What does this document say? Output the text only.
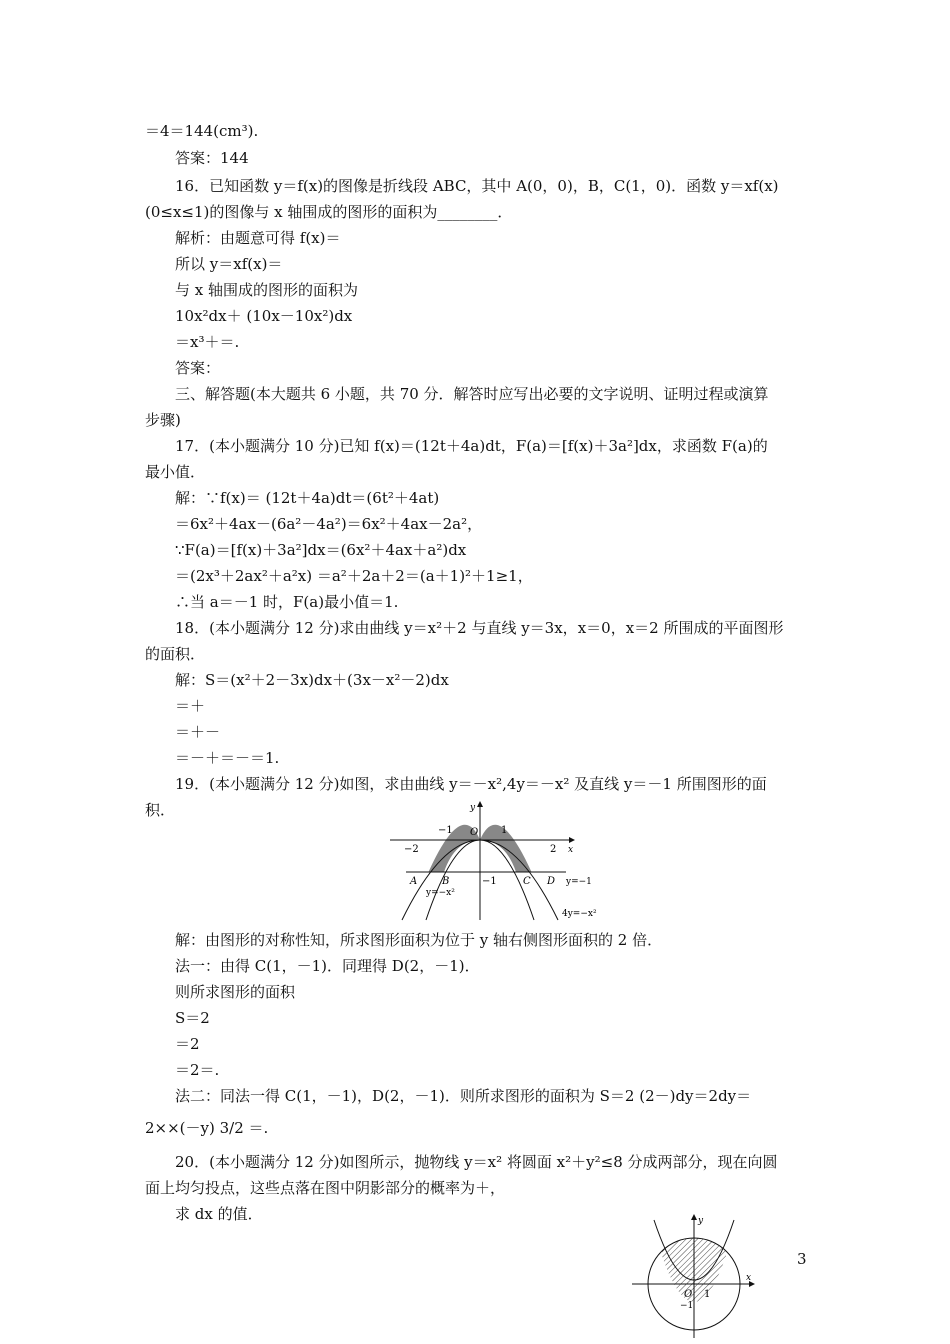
＝4＝144(cm³).
答案：144
16．已知函数 y＝f(x)的图像是折线段 ABC，其中 A(0，0)，B，C(1，0)．函数 y＝xf(x)
(0≤x≤1)的图像与 x 轴围成的图形的面积为________．
解析：由题意可得 f(x)＝
所以 y＝xf(x)＝
与 x 轴围成的图形的面积为
10x²dx＋ (10x－10x²)dx
＝x³＋＝.
答案：
三、解答题(本大题共 6 小题，共 70 分．解答时应写出必要的文字说明、证明过程或演算
步骤)
17．(本小题满分 10 分)已知 f(x)＝(12t＋4a)dt，F(a)＝[f(x)＋3a²]dx，求函数 F(a)的
最小值．
解：∵f(x)＝ (12t＋4a)dt＝(6t²＋4at)
＝6x²＋4ax－(6a²－4a²)＝6x²＋4ax－2a²，
∵F(a)＝[f(x)＋3a²]dx＝(6x²＋4ax＋a²)dx
＝(2x³＋2ax²＋a²x) ＝a²＋2a＋2＝(a＋1)²＋1≥1，
∴当 a＝－1 时，F(a)最小值＝1.
18．(本小题满分 12 分)求由曲线 y＝x²＋2 与直线 y＝3x，x＝0，x＝2 所围成的平面图形
的面积．
解：S＝(x²＋2－3x)dx＋(3x－x²－2)dx
＝＋
＝＋－
＝－＋＝－＝1.
19．(本小题满分 12 分)如图，求由曲线 y＝－x²,4y＝－x² 及直线 y＝－1 所围图形的面
积．
解：由图形的对称性知，所求图形面积为位于 y 轴右侧图形面积的 2 倍．
法一：由得 C(1，－1)．同理得 D(2，－1)．
则所求图形的面积
S＝2
＝2
＝2＝.
法二：同法一得 C(1，－1)，D(2，－1)．则所求图形的面积为 S＝2 (2－)dy＝2dy＝
2××(－y) 3/2 ＝.
20．(本小题满分 12 分)如图所示，抛物线 y＝x² 将圆面 x²＋y²≤8 分成两部分，现在向圆
面上均匀投点，这些点落在图中阴影部分的概率为＋，
求 dx 的值．
y
x
O
−1	1
−2	2
−1
A B	C D y=−1
y=−x²
4y=−x²
y
x
O 1
−1
3
